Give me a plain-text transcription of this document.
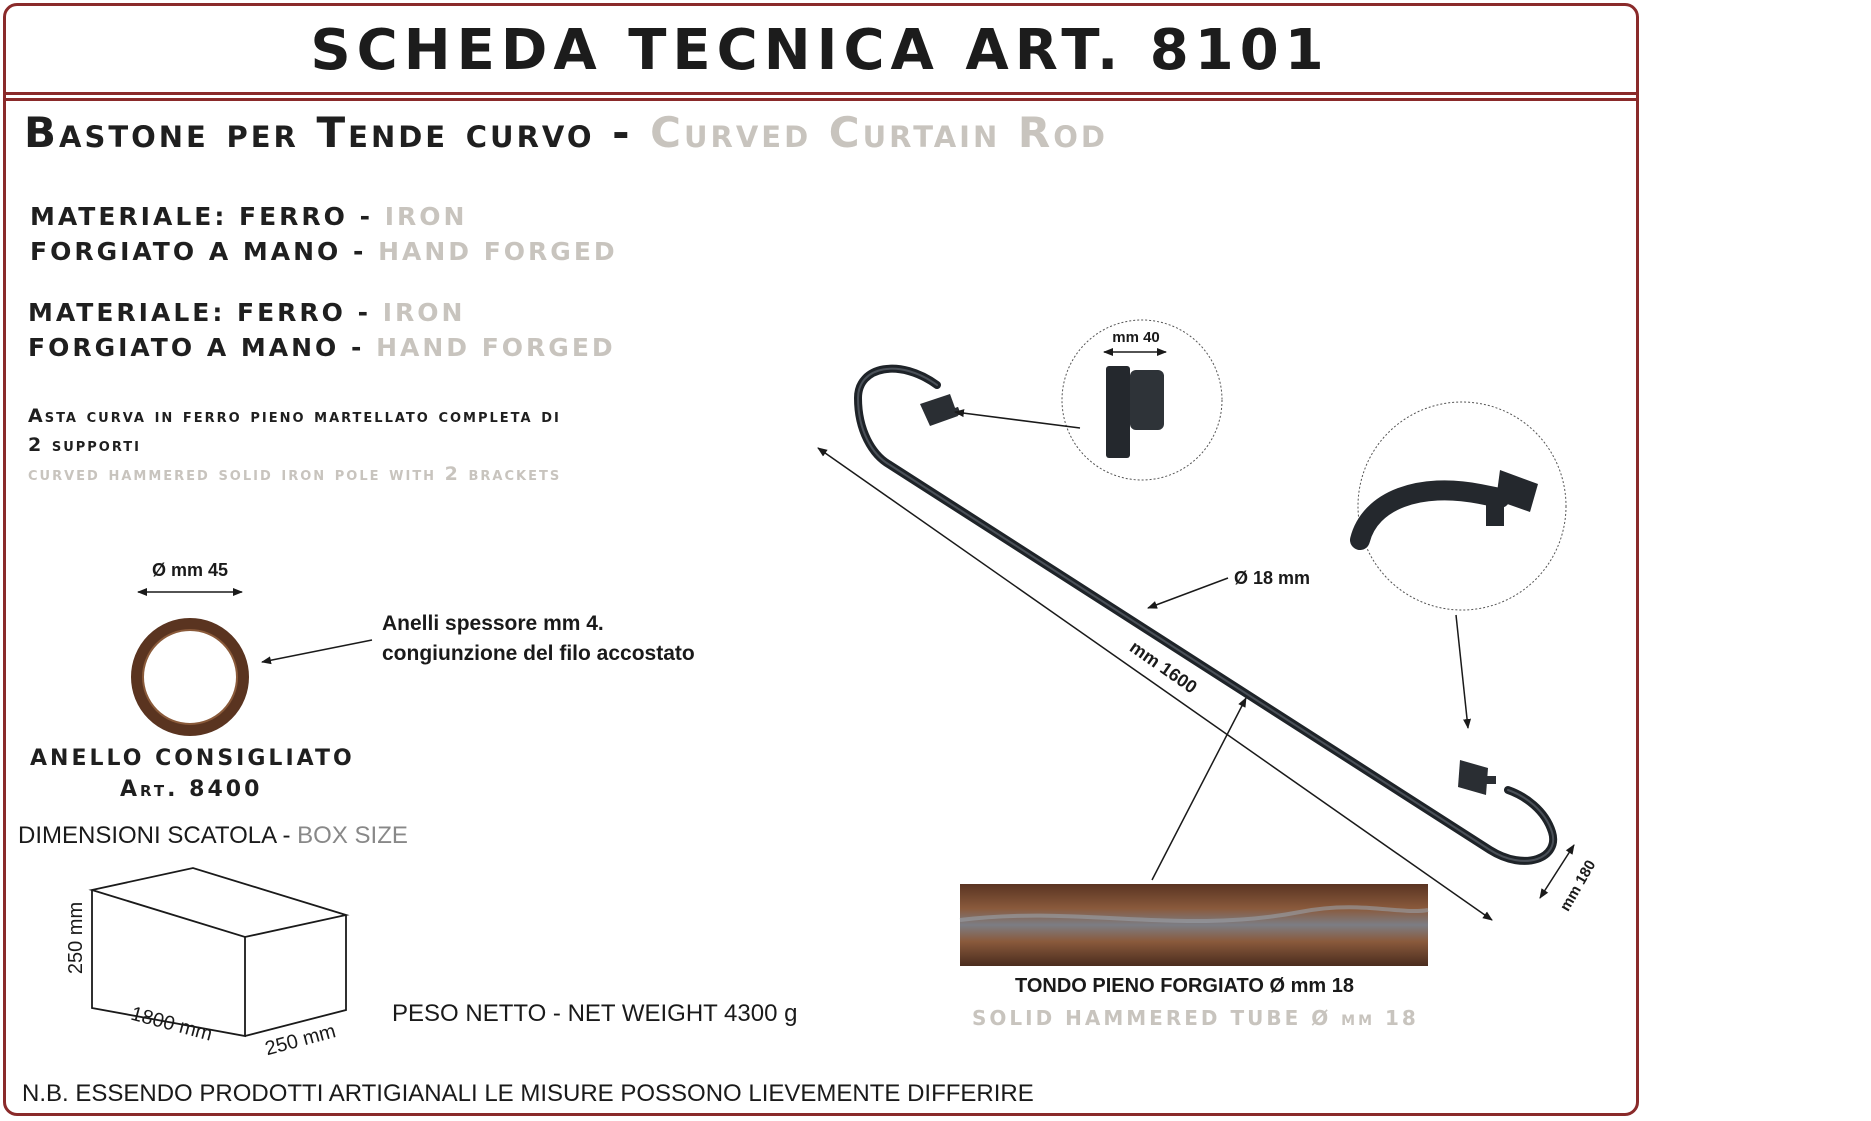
SCHEDA TECNICA ART. 8101
Bastone per Tende curvo - Curved Curtain Rod
MATERIALE: FERRO - IRON
FORGIATO A MANO - HAND FORGED
MATERIALE: FERRO - IRON
FORGIATO A MANO - HAND FORGED
Asta curva in ferro pieno martellato completa di
2 supporti
curved hammered solid iron pole with 2 brackets
Anelli spessore mm 4.
congiunzione del filo accostato
ANELLO CONSIGLIATO
Art. 8400
DIMENSIONI SCATOLA - BOX SIZE
PESO NETTO - NET WEIGHT 4300 g
TONDO PIENO FORGIATO Ø mm 18
SOLID HAMMERED TUBE Ø mm 18
N.B. ESSENDO PRODOTTI ARTIGIANALI LE MISURE POSSONO LIEVEMENTE DIFFERIRE
Ø mm 45
250 mm
1800 mm 250 mm
mm 1600
Ø 18 mm
mm 180
mm 40
